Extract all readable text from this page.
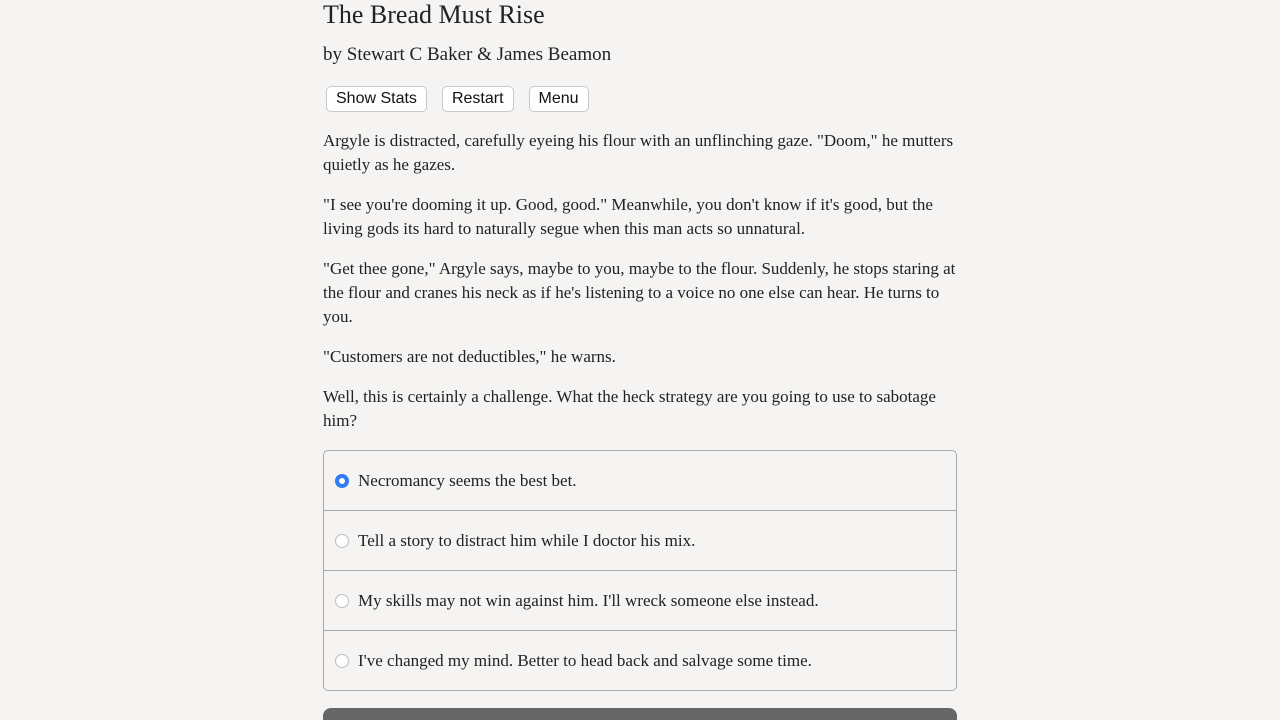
The Bread Must Rise
by Stewart C Baker & James Beamon
Show Stats	Restart	Menu

Argyle is distracted, carefully eyeing his flour with an unflinching gaze. "Doom," he mutters quietly as he gazes.

"I see you're dooming it up. Good, good." Meanwhile, you don't know if it's good, but the living gods its hard to naturally segue when this man acts so unnatural.

"Get thee gone," Argyle says, maybe to you, maybe to the flour. Suddenly, he stops staring at the flour and cranes his neck as if he's listening to a voice no one else can hear. He turns to you.

"Customers are not deductibles," he warns.

Well, this is certainly a challenge. What the heck strategy are you going to use to sabotage him?

Necromancy seems the best bet.
Tell a story to distract him while I doctor his mix.
My skills may not win against him. I'll wreck someone else instead.
I've changed my mind. Better to head back and salvage some time.
